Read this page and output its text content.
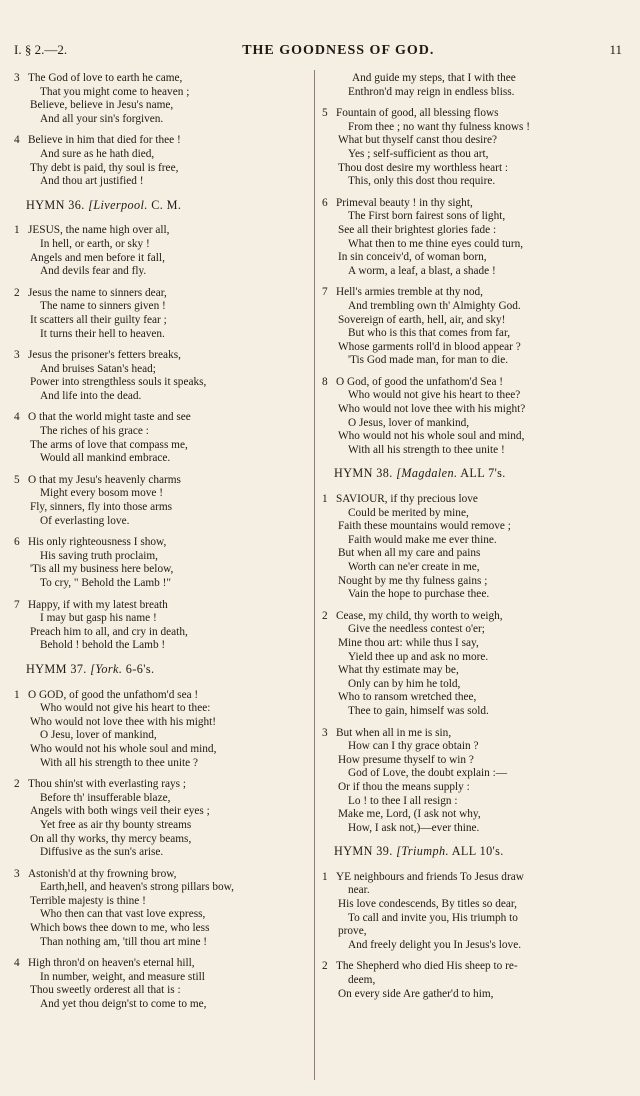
I. § 2.—2.	THE GOODNESS OF GOD.	11
3 The God of love to earth he came,
That you might come to heaven ;
Believe, believe in Jesu's name,
And all your sin's forgiven.
4 Believe in him that died for thee !
And sure as he hath died,
Thy debt is paid, thy soul is free,
And thou art justified !
HYMN 36. [Liverpool. C. M.
1 JESUS, the name high over all,
In hell, or earth, or sky !
Angels and men before it fall,
And devils fear and fly.
2 Jesus the name to sinners dear,
The name to sinners given !
It scatters all their guilty fear ;
It turns their hell to heaven.
3 Jesus the prisoner's fetters breaks,
And bruises Satan's head;
Power into strengthless souls it speaks,
And life into the dead.
4 O that the world might taste and see
The riches of his grace :
The arms of love that compass me,
Would all mankind embrace.
5 O that my Jesu's heavenly charms
Might every bosom move !
Fly, sinners, fly into those arms
Of everlasting love.
6 His only righteousness I show,
His saving truth proclaim,
'Tis all my business here below,
To cry, " Behold the Lamb !"
7 Happy, if with my latest breath
I may but gasp his name !
Preach him to all, and cry in death,
Behold ! behold the Lamb !
HYMM 37. [York. 6-6's.
1 O GOD, of good the unfathom'd sea !
Who would not give his heart to thee:
Who would not love thee with his might!
O Jesu, lover of mankind,
Who would not his whole soul and mind,
With all his strength to thee unite ?
2 Thou shin'st with everlasting rays ;
Before th' insufferable blaze,
Angels with both wings veil their eyes ;
Yet free as air thy bounty streams
On all thy works, thy mercy beams,
Diffusive as the sun's arise.
3 Astonish'd at thy frowning brow,
Earth,hell, and heaven's strong pillars bow,
Terrible majesty is thine !
Who then can that vast love express,
Which bows thee down to me, who less
Than nothing am, 'till thou art mine !
4 High thron'd on heaven's eternal hill,
In number, weight, and measure still
Thou sweetly orderest all that is :
And yet thou deign'st to come to me,
And guide my steps, that I with thee
Enthron'd may reign in endless bliss.
5 Fountain of good, all blessing flows
From thee ; no want thy fulness knows !
What but thyself canst thou desire?
Yes ; self-sufficient as thou art,
Thou dost desire my worthless heart :
This, only this dost thou require.
6 Primeval beauty ! in thy sight,
The First born fairest sons of light,
See all their brightest glories fade :
What then to me thine eyes could turn,
In sin conceiv'd, of woman born,
A worm, a leaf, a blast, a shade !
7 Hell's armies tremble at thy nod,
And trembling own th' Almighty God.
Sovereign of earth, hell, air, and sky!
But who is this that comes from far,
Whose garments roll'd in blood appear ?
'Tis God made man, for man to die.
8 O God, of good the unfathom'd Sea !
Who would not give his heart to thee?
Who would not love thee with his might?
O Jesus, lover of mankind,
Who would not his whole soul and mind,
With all his strength to thee unite !
HYMN 38. [Magdalen. ALL 7's.
1 SAVIOUR, if thy precious love
Could be merited by mine,
Faith these mountains would remove ;
Faith would make me ever thine.
But when all my care and pains
Worth can ne'er create in me,
Nought by me thy fulness gains ;
Vain the hope to purchase thee.
2 Cease, my child, thy worth to weigh,
Give the needless contest o'er;
Mine thou art: while thus I say,
Yield thee up and ask no more.
What thy estimate may be,
Only can by him he told,
Who to ransom wretched thee,
Thee to gain, himself was sold.
3 But when all in me is sin,
How can I thy grace obtain ?
How presume thyself to win ?
God of Love, the doubt explain :—
Or if thou the means supply :
Lo ! to thee I all resign :
Make me, Lord, (I ask not why,
How, I ask not,)—ever thine.
HYMN 39. [Triumph. ALL 10's.
1 YE neighbours and friends To Jesus draw
near.
His love condescends, By titles so dear,
To call and invite you, His triumph to
prove,
And freely delight you In Jesus's love.
2 The Shepherd who died His sheep to re-
deem,
On every side Are gather'd to him,
